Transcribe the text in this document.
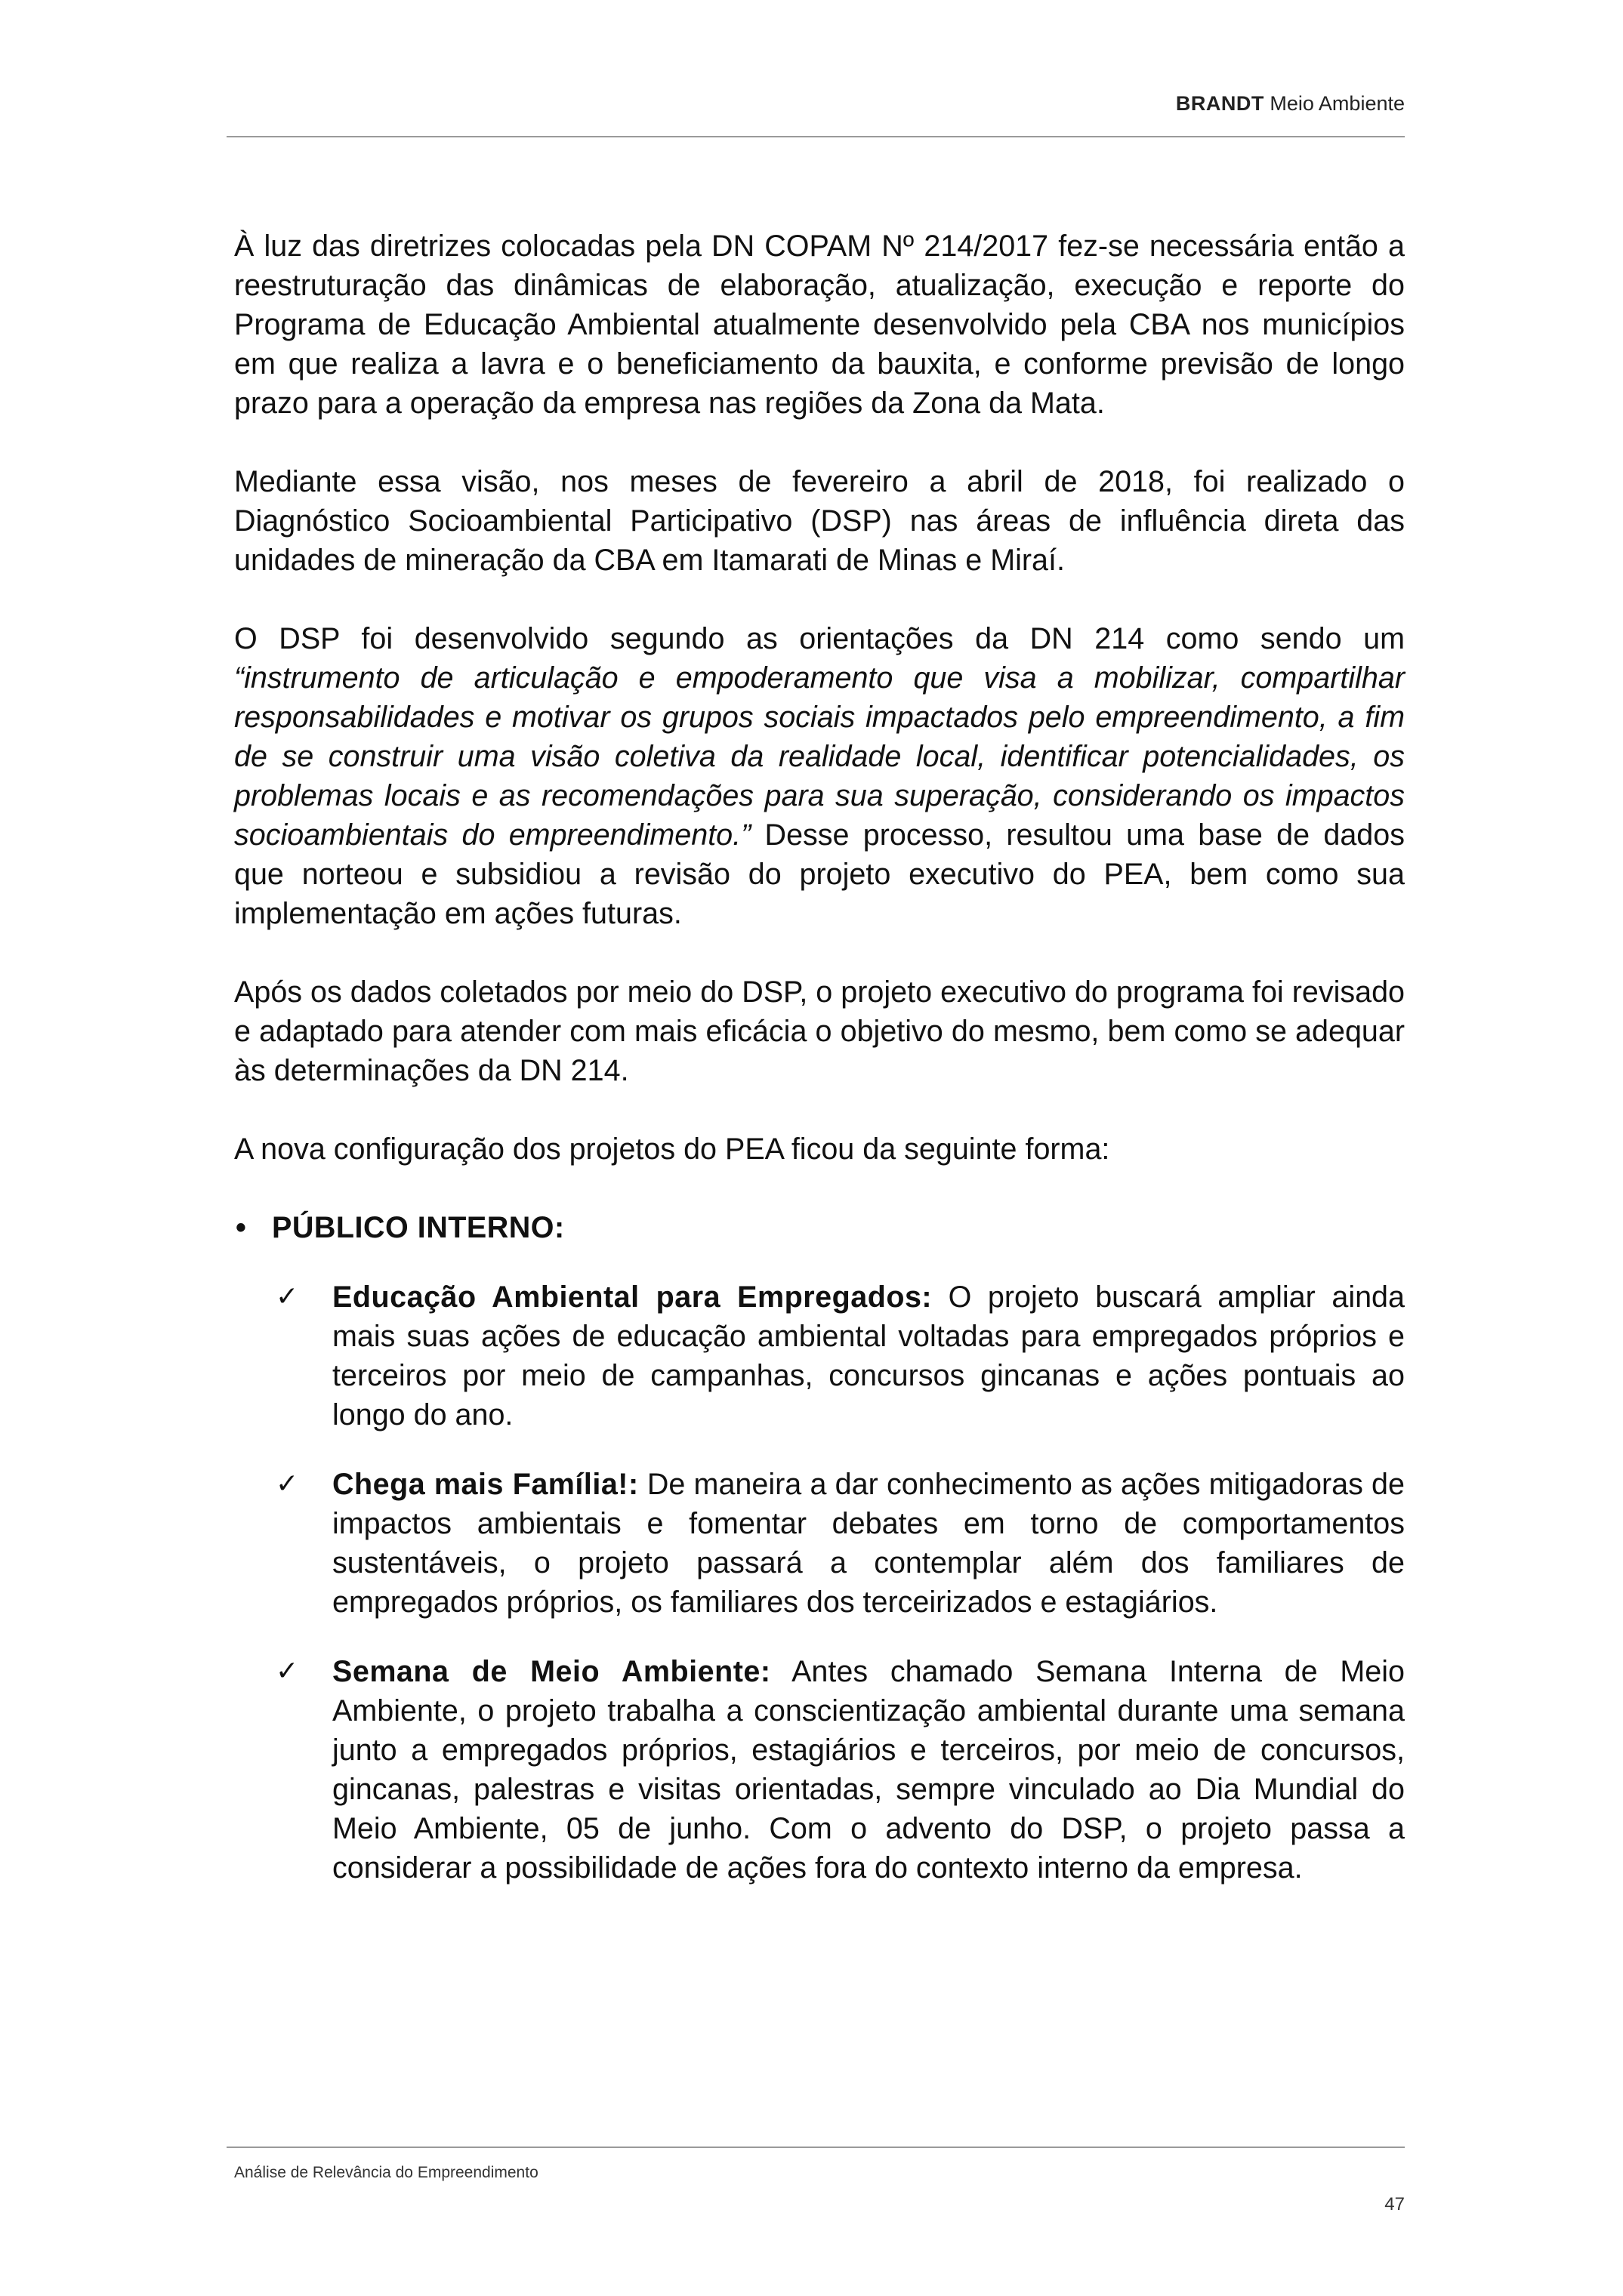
BRANDT Meio Ambiente

À luz das diretrizes colocadas pela DN COPAM Nº 214/2017 fez-se necessária então a reestruturação das dinâmicas de elaboração, atualização, execução e reporte do Programa de Educação Ambiental atualmente desenvolvido pela CBA nos municípios em que realiza a lavra e o beneficiamento da bauxita, e conforme previsão de longo prazo para a operação da empresa nas regiões da Zona da Mata.

Mediante essa visão, nos meses de fevereiro a abril de 2018, foi realizado o Diagnóstico Socioambiental Participativo (DSP) nas áreas de influência direta das unidades de mineração da CBA em Itamarati de Minas e Miraí.

O DSP foi desenvolvido segundo as orientações da DN 214 como sendo um “instrumento de articulação e empoderamento que visa a mobilizar, compartilhar responsabilidades e motivar os grupos sociais impactados pelo empreendimento, a fim de se construir uma visão coletiva da realidade local, identificar potencialidades, os problemas locais e as recomendações para sua superação, considerando os impactos socioambientais do empreendimento.” Desse processo, resultou uma base de dados que norteou e subsidiou a revisão do projeto executivo do PEA, bem como sua implementação em ações futuras.

Após os dados coletados por meio do DSP, o projeto executivo do programa foi revisado e adaptado para atender com mais eficácia o objetivo do mesmo, bem como se adequar às determinações da DN 214.

A nova configuração dos projetos do PEA ficou da seguinte forma:

• PÚBLICO INTERNO:
✓ Educação Ambiental para Empregados: O projeto buscará ampliar ainda mais suas ações de educação ambiental voltadas para empregados próprios e terceiros por meio de campanhas, concursos gincanas e ações pontuais ao longo do ano.
✓ Chega mais Família!: De maneira a dar conhecimento as ações mitigadoras de impactos ambientais e fomentar debates em torno de comportamentos sustentáveis, o projeto passará a contemplar além dos familiares de empregados próprios, os familiares dos terceirizados e estagiários.
✓ Semana de Meio Ambiente: Antes chamado Semana Interna de Meio Ambiente, o projeto trabalha a conscientização ambiental durante uma semana junto a empregados próprios, estagiários e terceiros, por meio de concursos, gincanas, palestras e visitas orientadas, sempre vinculado ao Dia Mundial do Meio Ambiente, 05 de junho. Com o advento do DSP, o projeto passa a considerar a possibilidade de ações fora do contexto interno da empresa.
Análise de Relevância do Empreendimento
47
